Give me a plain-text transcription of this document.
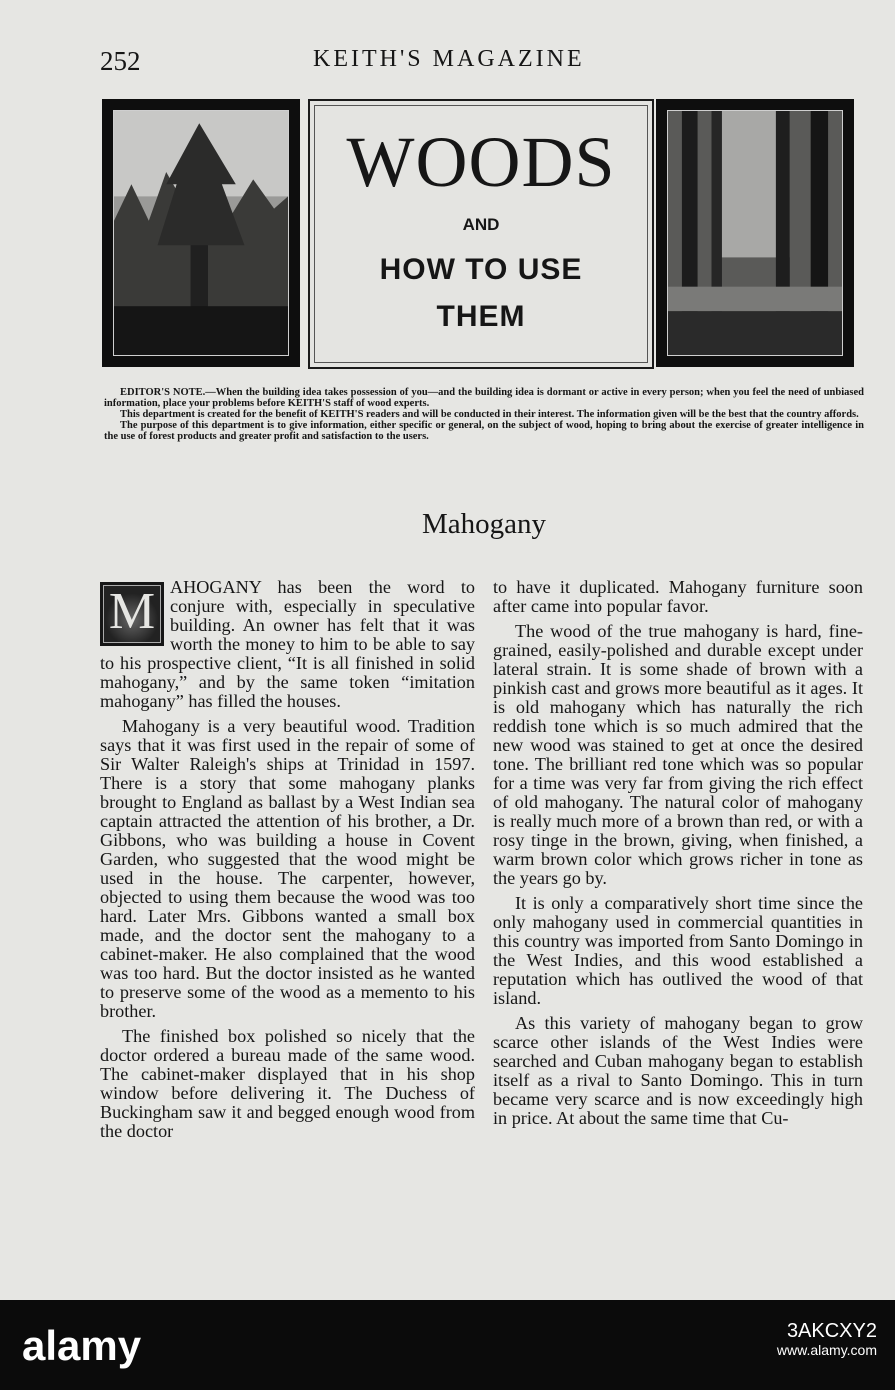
252	KEITH'S MAGAZINE
WOODS
AND
HOW TO USE
THEM

EDITOR'S NOTE.—When the building idea takes possession of you—and the building idea is dormant or active in every person; when you feel the need of unbiased information, place your problems before KEITH'S staff of wood experts.

This department is created for the benefit of KEITH'S readers and will be conducted in their interest. The information given will be the best that the country affords.

The purpose of this department is to give information, either specific or general, on the subject of wood, hoping to bring about the exercise of greater intelligence in the use of forest products and greater profit and satisfaction to the users.

Mahogany

M AHOGANY has been the word to conjure with, especially in speculative building. An owner has felt that it was worth the money to him to be able to say to his prospective client, “It is all finished in solid mahogany,” and by the same token “imitation mahogany” has filled the houses.

Mahogany is a very beautiful wood. Tradition says that it was first used in the repair of some of Sir Walter Raleigh's ships at Trinidad in 1597. There is a story that some mahogany planks brought to England as ballast by a West Indian sea captain attracted the attention of his brother, a Dr. Gibbons, who was building a house in Covent Garden, who suggested that the wood might be used in the house. The carpenter, however, objected to using them because the wood was too hard. Later Mrs. Gibbons wanted a small box made, and the doctor sent the mahogany to a cabinet-maker. He also complained that the wood was too hard. But the doctor insisted as he wanted to preserve some of the wood as a memento to his brother.

The finished box polished so nicely that the doctor ordered a bureau made of the same wood. The cabinet-maker displayed that in his shop window before delivering it. The Duchess of Buckingham saw it and begged enough wood from the doctor

to have it duplicated. Mahogany furniture soon after came into popular favor.

The wood of the true mahogany is hard, fine-grained, easily-polished and durable except under lateral strain. It is some shade of brown with a pinkish cast and grows more beautiful as it ages. It is old mahogany which has naturally the rich reddish tone which is so much admired that the new wood was stained to get at once the desired tone. The brilliant red tone which was so popular for a time was very far from giving the rich effect of old mahogany. The natural color of mahogany is really much more of a brown than red, or with a rosy tinge in the brown, giving, when finished, a warm brown color which grows richer in tone as the years go by.

It is only a comparatively short time since the only mahogany used in commercial quantities in this country was imported from Santo Domingo in the West Indies, and this wood established a reputation which has outlived the wood of that island.

As this variety of mahogany began to grow scarce other islands of the West Indies were searched and Cuban mahogany began to establish itself as a rival to Santo Domingo. This in turn became very scarce and is now exceedingly high in price. At about the same time that Cu-

alamy	3AKCXY2
www.alamy.com
